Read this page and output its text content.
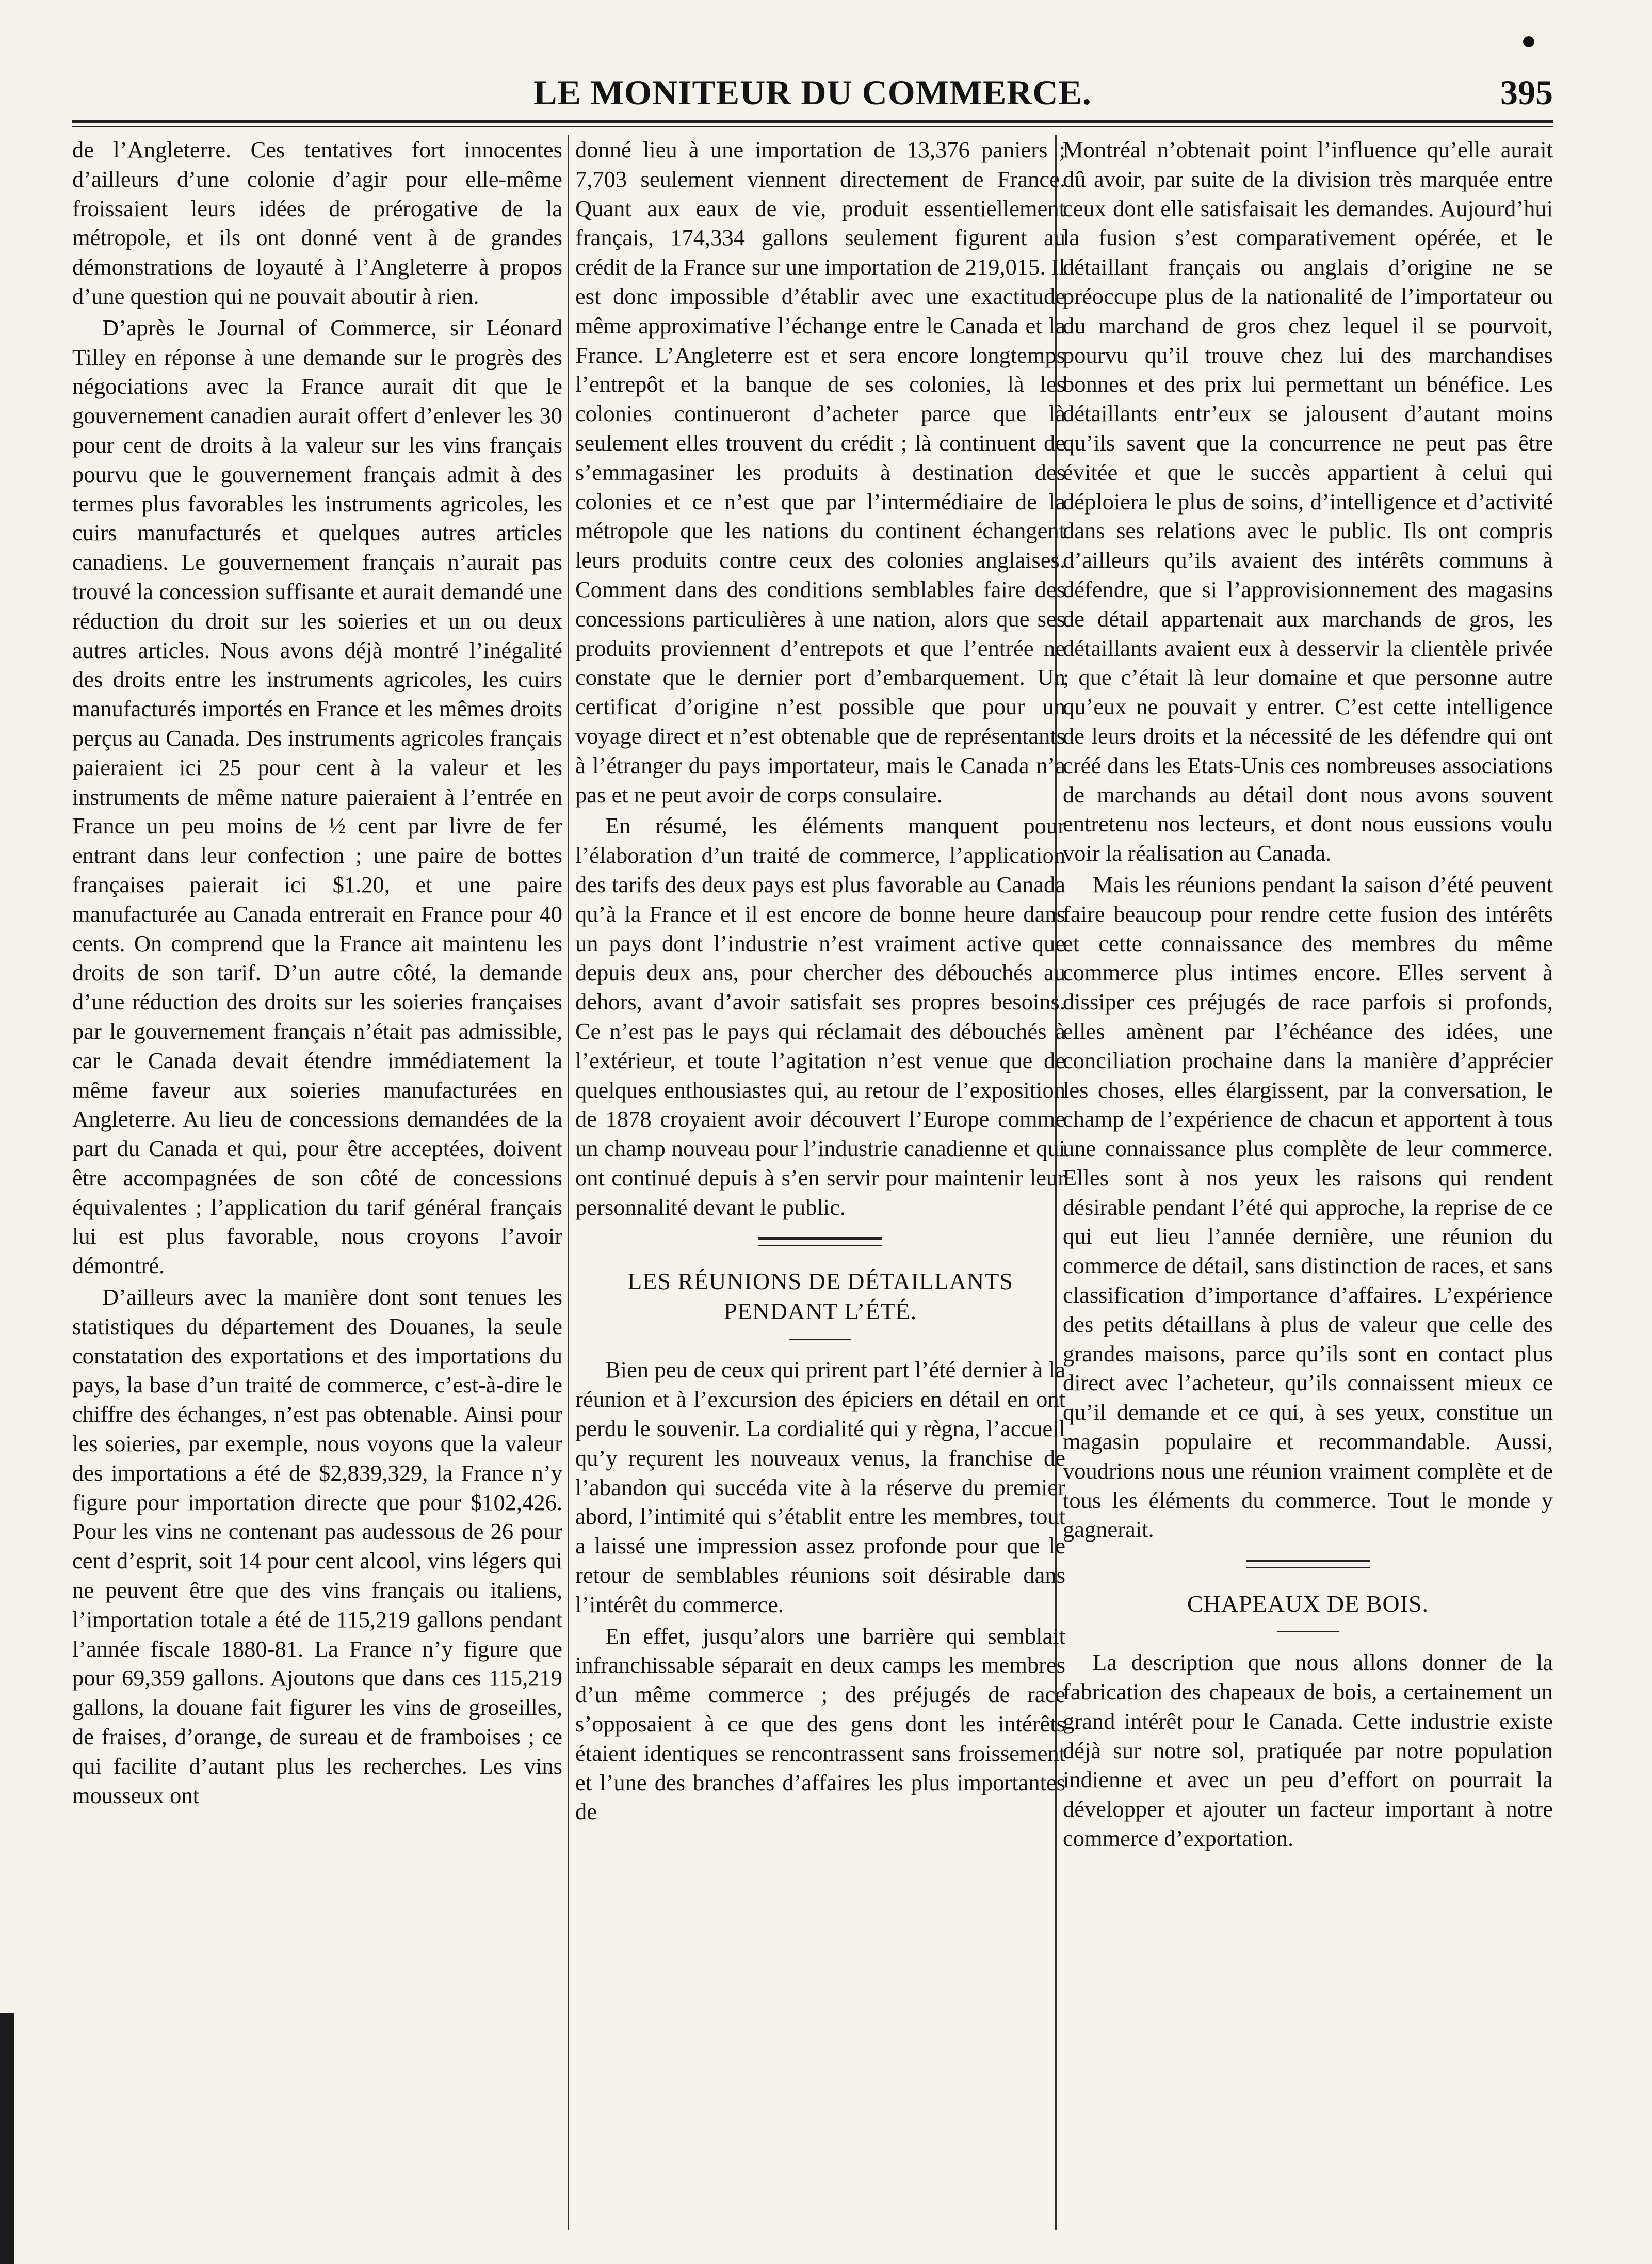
LE MONITEUR DU COMMERCE.	395

de l’Angleterre. Ces tentatives fort innocentes d’ailleurs d’une colonie d’agir pour elle-même froissaient leurs idées de prérogative de la métropole, et ils ont donné vent à de grandes démonstrations de loyauté à l’Angleterre à propos d’une question qui ne pouvait aboutir à rien.

D’après le Journal of Commerce, sir Léonard Tilley en réponse à une demande sur le progrès des négociations avec la France aurait dit que le gouvernement canadien aurait offert d’enlever les 30 pour cent de droits à la valeur sur les vins français pourvu que le gouvernement français admit à des termes plus favorables les instruments agricoles, les cuirs manufacturés et quelques autres articles canadiens. Le gouvernement français n’aurait pas trouvé la concession suffisante et aurait demandé une réduction du droit sur les soieries et un ou deux autres articles. Nous avons déjà montré l’inégalité des droits entre les instruments agricoles, les cuirs manufacturés importés en France et les mêmes droits perçus au Canada. Des instruments agricoles français paieraient ici 25 pour cent à la valeur et les instruments de même nature paieraient à l’entrée en France un peu moins de ½ cent par livre de fer entrant dans leur confection ; une paire de bottes françaises paierait ici $1.20, et une paire manufacturée au Canada entrerait en France pour 40 cents. On comprend que la France ait maintenu les droits de son tarif. D’un autre côté, la demande d’une réduction des droits sur les soieries françaises par le gouvernement français n’était pas admissible, car le Canada devait étendre immédiatement la même faveur aux soieries manufacturées en Angleterre. Au lieu de concessions demandées de la part du Canada et qui, pour être acceptées, doivent être accompagnées de son côté de concessions équivalentes ; l’application du tarif général français lui est plus favorable, nous croyons l’avoir démontré.

D’ailleurs avec la manière dont sont tenues les statistiques du département des Douanes, la seule constatation des exportations et des importations du pays, la base d’un traité de commerce, c’est-à-dire le chiffre des échanges, n’est pas obtenable. Ainsi pour les soieries, par exemple, nous voyons que la valeur des importations a été de $2,839,329, la France n’y figure pour importation directe que pour $102,426. Pour les vins ne contenant pas audessous de 26 pour cent d’esprit, soit 14 pour cent alcool, vins légers qui ne peuvent être que des vins français ou italiens, l’importation totale a été de 115,219 gallons pendant l’année fiscale 1880-81. La France n’y figure que pour 69,359 gallons. Ajoutons que dans ces 115,219 gallons, la douane fait figurer les vins de groseilles, de fraises, d’orange, de sureau et de framboises ; ce qui facilite d’autant plus les recherches. Les vins mousseux ont

donné lieu à une importation de 13,376 paniers ; 7,703 seulement viennent directement de France. Quant aux eaux de vie, produit essentiellement français, 174,334 gallons seulement figurent au crédit de la France sur une importation de 219,015. Il est donc impossible d’établir avec une exactitude même approximative l’échange entre le Canada et la France. L’Angleterre est et sera encore longtemps l’entrepôt et la banque de ses colonies, là les colonies continueront d’acheter parce que là seulement elles trouvent du crédit ; là continuent de s’emmagasiner les produits à destination des colonies et ce n’est que par l’intermédiaire de la métropole que les nations du continent échangent leurs produits contre ceux des colonies anglaises. Comment dans des conditions semblables faire des concessions particulières à une nation, alors que ses produits proviennent d’entrepots et que l’entrée ne constate que le dernier port d’embarquement. Un certificat d’origine n’est possible que pour un voyage direct et n’est obtenable que de représentants à l’étranger du pays importateur, mais le Canada n’a pas et ne peut avoir de corps consulaire.

En résumé, les éléments manquent pour l’élaboration d’un traité de commerce, l’application des tarifs des deux pays est plus favorable au Canada qu’à la France et il est encore de bonne heure dans un pays dont l’industrie n’est vraiment active que depuis deux ans, pour chercher des débouchés au dehors, avant d’avoir satisfait ses propres besoins. Ce n’est pas le pays qui réclamait des débouchés à l’extérieur, et toute l’agitation n’est venue que de quelques enthousiastes qui, au retour de l’exposition de 1878 croyaient avoir découvert l’Europe comme un champ nouveau pour l’industrie canadienne et qui ont continué depuis à s’en servir pour maintenir leur personnalité devant le public.

LES RÉUNIONS DE DÉTAILLANTS PENDANT L’ÉTÉ.

Bien peu de ceux qui prirent part l’été dernier à la réunion et à l’excursion des épiciers en détail en ont perdu le souvenir. La cordialité qui y règna, l’accueil qu’y reçurent les nouveaux venus, la franchise de l’abandon qui succéda vite à la réserve du premier abord, l’intimité qui s’établit entre les membres, tout a laissé une impression assez profonde pour que le retour de semblables réunions soit désirable dans l’intérêt du commerce.

En effet, jusqu’alors une barrière qui semblait infranchissable séparait en deux camps les membres d’un même commerce ; des préjugés de race s’opposaient à ce que des gens dont les intérêts étaient identiques se rencontrassent sans froissement et l’une des branches d’affaires les plus importantes de

Montréal n’obtenait point l’influence qu’elle aurait dû avoir, par suite de la division très marquée entre ceux dont elle satisfaisait les demandes. Aujourd’hui la fusion s’est comparativement opérée, et le détaillant français ou anglais d’origine ne se préoccupe plus de la nationalité de l’importateur ou du marchand de gros chez lequel il se pourvoit, pourvu qu’il trouve chez lui des marchandises bonnes et des prix lui permettant un bénéfice. Les détaillants entr’eux se jalousent d’autant moins qu’ils savent que la concurrence ne peut pas être évitée et que le succès appartient à celui qui déploiera le plus de soins, d’intelligence et d’activité dans ses relations avec le public. Ils ont compris d’ailleurs qu’ils avaient des intérêts communs à défendre, que si l’approvisionnement des magasins de détail appartenait aux marchands de gros, les détaillants avaient eux à desservir la clientèle privée ; que c’était là leur domaine et que personne autre qu’eux ne pouvait y entrer. C’est cette intelligence de leurs droits et la nécessité de les défendre qui ont créé dans les Etats-Unis ces nombreuses associations de marchands au détail dont nous avons souvent entretenu nos lecteurs, et dont nous eussions voulu voir la réalisation au Canada.

Mais les réunions pendant la saison d’été peuvent faire beaucoup pour rendre cette fusion des intérêts et cette connaissance des membres du même commerce plus intimes encore. Elles servent à dissiper ces préjugés de race parfois si profonds, elles amènent par l’échéance des idées, une conciliation prochaine dans la manière d’apprécier les choses, elles élargissent, par la conversation, le champ de l’expérience de chacun et apportent à tous une connaissance plus complète de leur commerce. Elles sont à nos yeux les raisons qui rendent désirable pendant l’été qui approche, la reprise de ce qui eut lieu l’année dernière, une réunion du commerce de détail, sans distinction de races, et sans classification d’importance d’affaires. L’expérience des petits détaillans à plus de valeur que celle des grandes maisons, parce qu’ils sont en contact plus direct avec l’acheteur, qu’ils connaissent mieux ce qu’il demande et ce qui, à ses yeux, constitue un magasin populaire et recommandable. Aussi, voudrions nous une réunion vraiment complète et de tous les éléments du commerce. Tout le monde y gagnerait.

CHAPEAUX DE BOIS.

La description que nous allons donner de la fabrication des chapeaux de bois, a certainement un grand intérêt pour le Canada. Cette industrie existe déjà sur notre sol, pratiquée par notre population indienne et avec un peu d’effort on pourrait la développer et ajouter un facteur important à notre commerce d’exportation.
